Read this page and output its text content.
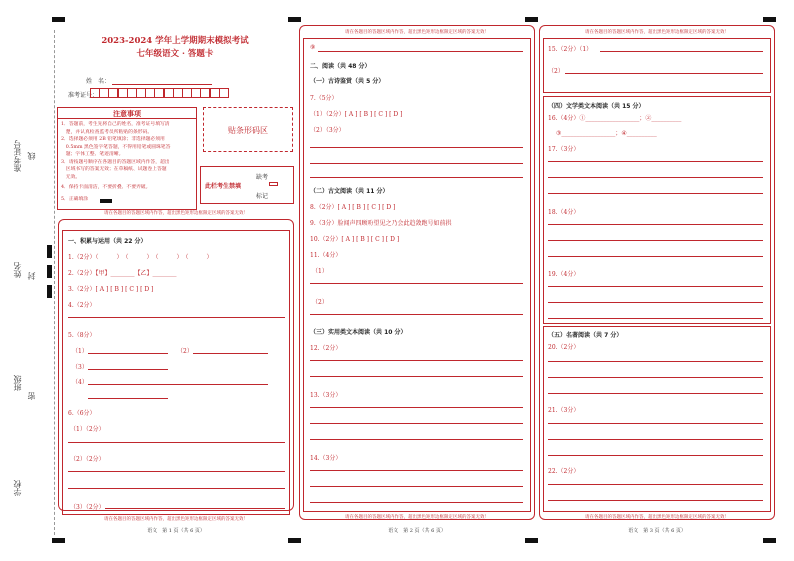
准考证号 线
姓名 封
班级
密
学校
2023-2024 学年上学期期末模拟考试
七年级语文 · 答题卡
姓　名：
准考证号：
注意事项
1．答题前，考生先将自己的姓名，准考证号填写清
　楚，并认真检查监考员所粘贴的条形码。
2．选择题必须用 2B 铅笔填涂；非选择题必须用
　0.5mm 黑色签字笔答题，不得用铅笔或圆珠笔答
　题；字体工整、笔迹清晰。
3．请按题号顺序在各题目的答题区域内作答，超出
　区域书写的答案无效；在草稿纸、试题卷上答题
　无效。
4．保持卡面清洁，不要折叠、不要弄破。
5．正确填涂
贴条形码区
此栏考生禁填
缺考
标记
请在各题目的答题区域内作答，超出黑色矩形边框限定区域的答案无效！
一、积累与运用（共 22 分）
1.（2分）（　　　）　（　　　）　（　　　）　（　　　）
2.（2分）【甲】________【乙】________
3.（2分）[ A ] [ B ] [ C ] [ D ]
4.（2分）
5.（8分）
（1）	（2）
（3）
（4）
6.（6分）
（1）（2分）
（2）（2分）
（3）（2分）
请在各题目的答题区域内作答，超出黑色矩形边框限定区域的答案无效！
语文　第 1 页（共 6 页）
请在各题目的答题区域内作答，超出黑色矩形边框限定区域的答案无效！
⑨
二、阅读（共 48 分）
（一）古诗鉴赏（共 5 分）
7.（5分）
（1）（2分）[ A ] [ B ] [ C ] [ D ]
（2）（3分）
（二）古文阅读（共 11 分）
8.（2分）[ A ] [ B ] [ C ] [ D ]
9.（3分）脸闻声四顾吩望见之乃会此趋敛跑号如前拱
10.（2分）[ A ] [ B ] [ C ] [ D ]
11.（4分）
（1）
（2）
（三）实用类文本阅读（共 10 分）
12.（2分）
13.（3分）
14.（3分）
请在各题目的答题区域内作答，超出黑色矩形边框限定区域的答案无效！
语文　第 2 页（共 6 页）
请在各题目的答题区域内作答，超出黑色矩形边框限定区域的答案无效！
15.（2分）（1）
（2）
（四）文学类文本阅读（共 15 分）
16.（4分）①__________________；②__________
③__________________；④__________
17.（3分）
18.（4分）
19.（4分）
（五）名著阅读（共 7 分）
20.（2分）
21.（3分）
22.（2分）
请在各题目的答题区域内作答，超出黑色矩形边框限定区域的答案无效！
语文　第 3 页（共 6 页）
